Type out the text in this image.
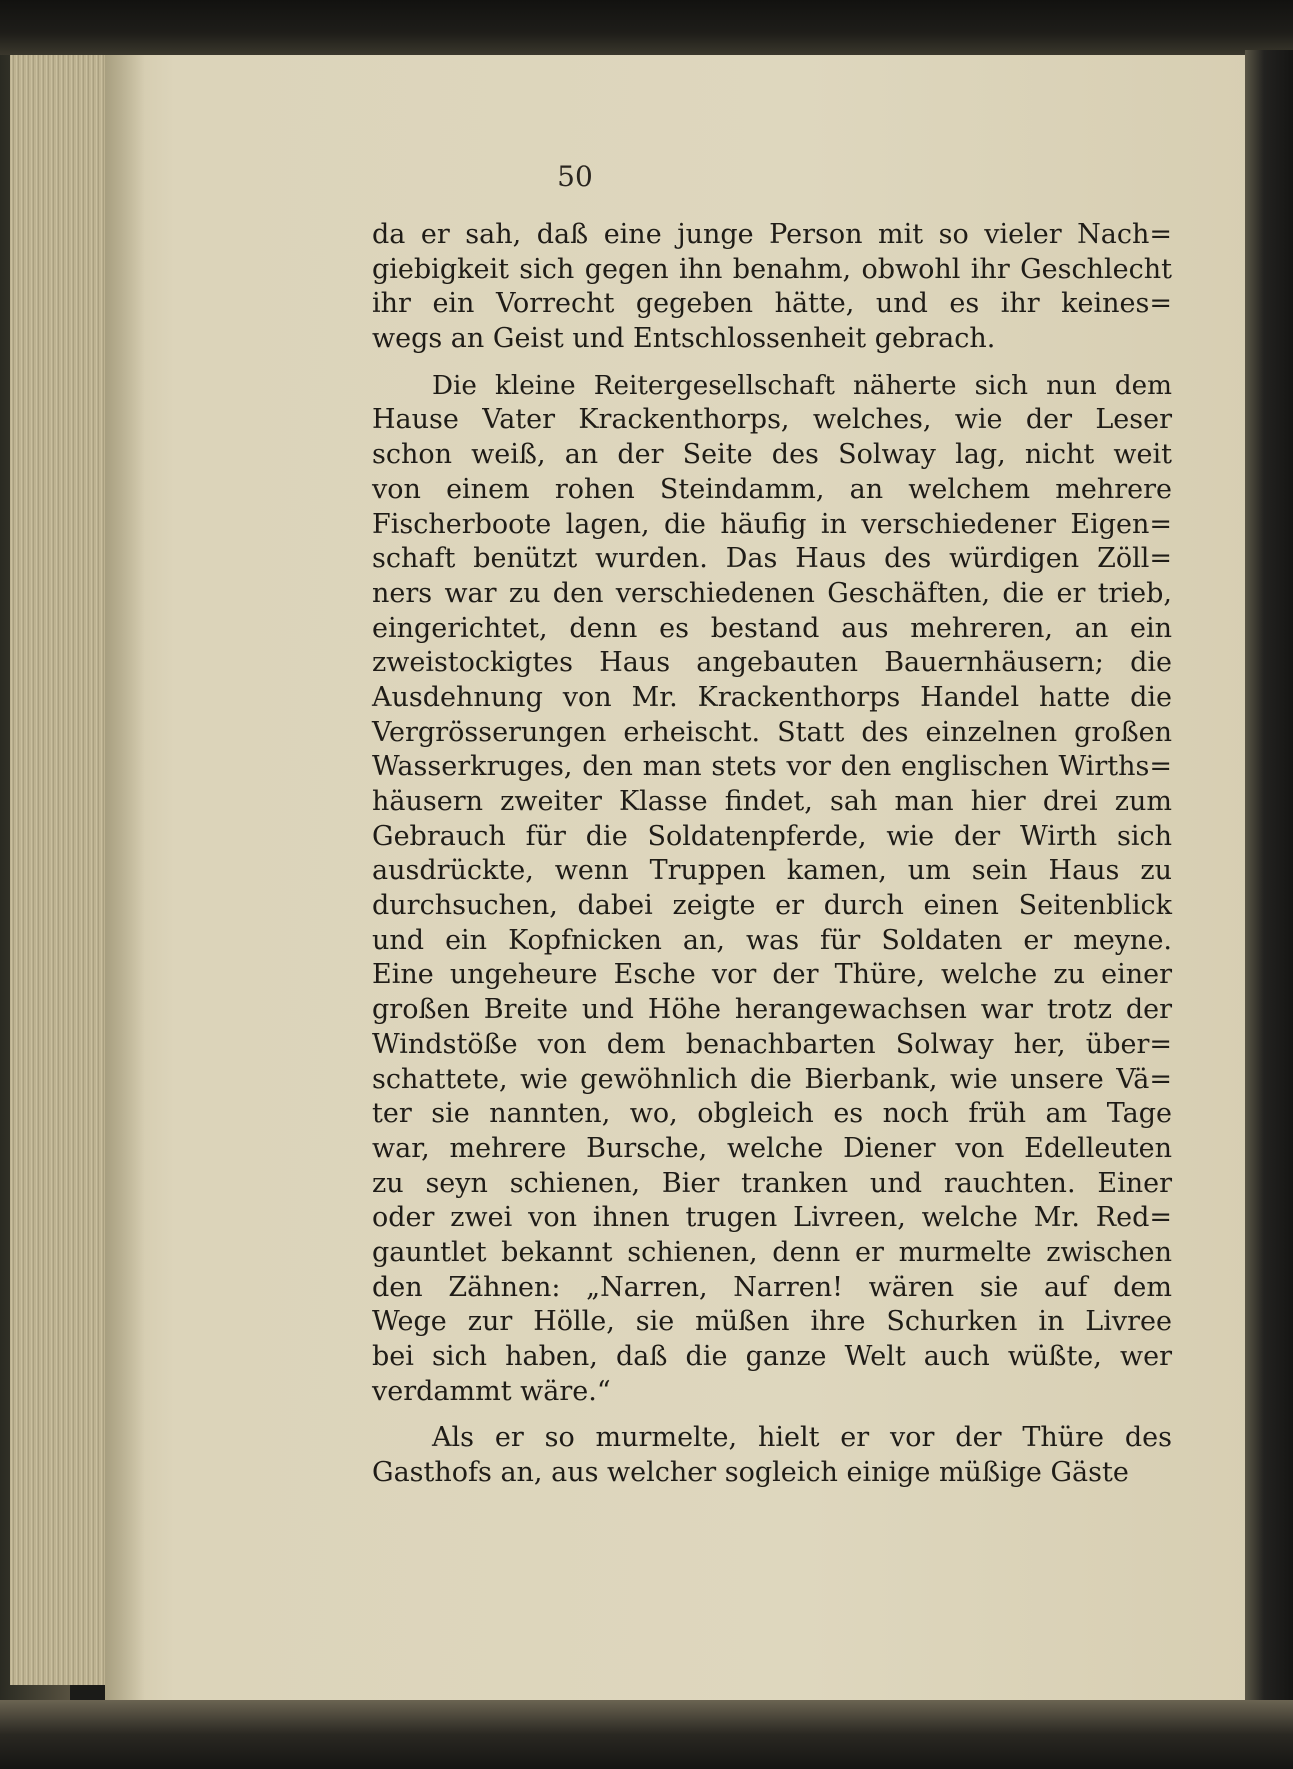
50
da er sah, daß eine junge Person mit so vieler Nach=
giebigkeit sich gegen ihn benahm, obwohl ihr Geschlecht
ihr ein Vorrecht gegeben hätte, und es ihr keines=
wegs an Geist und Entschlossenheit gebrach.
Die kleine Reitergesellschaft näherte sich nun dem
Hause Vater Krackenthorps, welches, wie der Leser
schon weiß, an der Seite des Solway lag, nicht weit
von einem rohen Steindamm, an welchem mehrere
Fischerboote lagen, die häufig in verschiedener Eigen=
schaft benützt wurden. Das Haus des würdigen Zöll=
ners war zu den verschiedenen Geschäften, die er trieb,
eingerichtet, denn es bestand aus mehreren, an ein
zweistockigtes Haus angebauten Bauernhäusern; die
Ausdehnung von Mr. Krackenthorps Handel hatte die
Vergrösserungen erheischt. Statt des einzelnen großen
Wasserkruges, den man stets vor den englischen Wirths=
häusern zweiter Klasse findet, sah man hier drei zum
Gebrauch für die Soldatenpferde, wie der Wirth sich
ausdrückte, wenn Truppen kamen, um sein Haus zu
durchsuchen, dabei zeigte er durch einen Seitenblick
und ein Kopfnicken an, was für Soldaten er meyne.
Eine ungeheure Esche vor der Thüre, welche zu einer
großen Breite und Höhe herangewachsen war trotz der
Windstöße von dem benachbarten Solway her, über=
schattete, wie gewöhnlich die Bierbank, wie unsere Vä=
ter sie nannten, wo, obgleich es noch früh am Tage
war, mehrere Bursche, welche Diener von Edelleuten
zu seyn schienen, Bier tranken und rauchten. Einer
oder zwei von ihnen trugen Livreen, welche Mr. Red=
gauntlet bekannt schienen, denn er murmelte zwischen
den Zähnen: „Narren, Narren! wären sie auf dem
Wege zur Hölle, sie müßen ihre Schurken in Livree
bei sich haben, daß die ganze Welt auch wüßte, wer
verdammt wäre.“
Als er so murmelte, hielt er vor der Thüre des
Gasthofs an, aus welcher sogleich einige müßige Gäste
